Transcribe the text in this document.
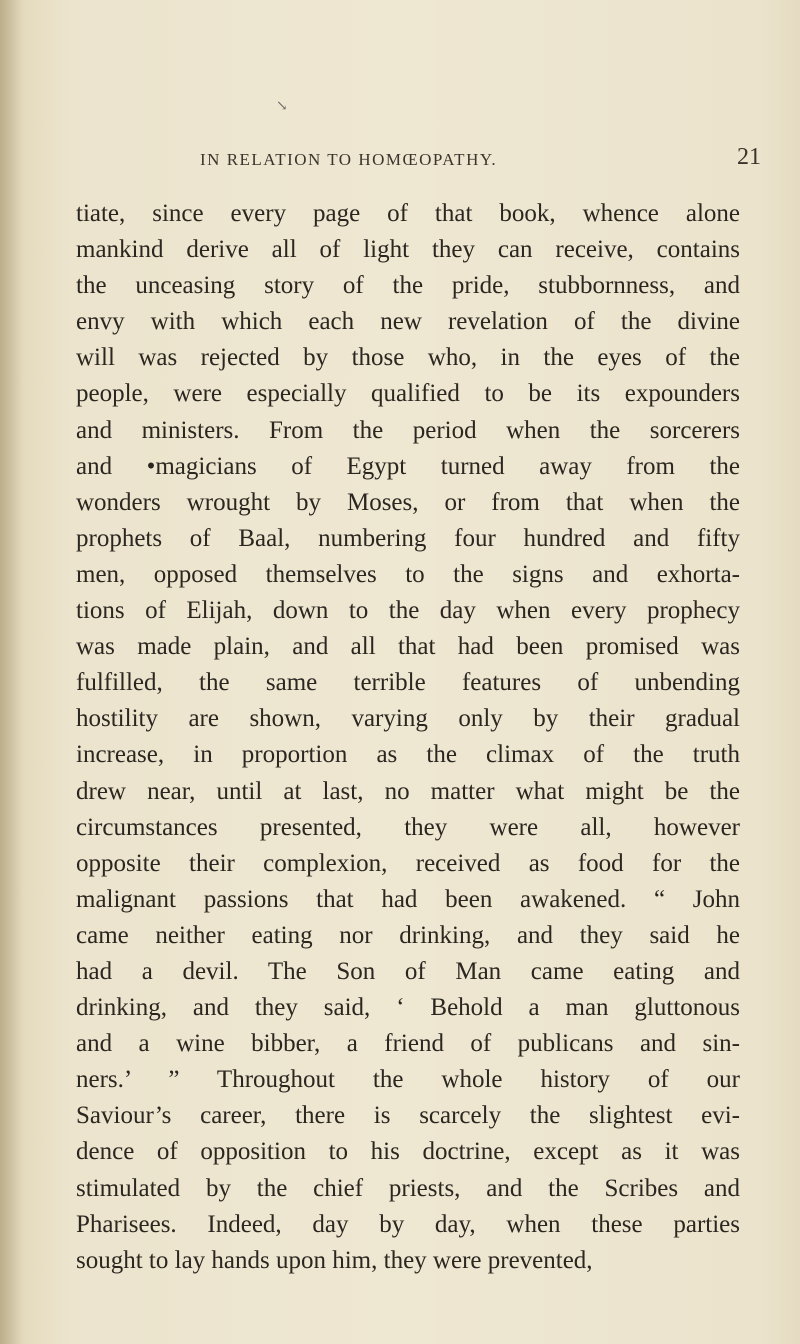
↘
IN RELATION TO HOMŒOPATHY.	21
tiate, since every page of that book, whence alone
mankind derive all of light they can receive, contains
the unceasing story of the pride, stubbornness, and
envy with which each new revelation of the divine
will was rejected by those who, in the eyes of the
people, were especially qualified to be its expounders
and ministers. From the period when the sorcerers
and •magicians of Egypt turned away from the
wonders wrought by Moses, or from that when the
prophets of Baal, numbering four hundred and fifty
men, opposed themselves to the signs and exhorta-
tions of Elijah, down to the day when every prophecy
was made plain, and all that had been promised was
fulfilled, the same terrible features of unbending
hostility are shown, varying only by their gradual
increase, in proportion as the climax of the truth
drew near, until at last, no matter what might be the
circumstances presented, they were all, however
opposite their complexion, received as food for the
malignant passions that had been awakened. “ John
came neither eating nor drinking, and they said he
had a devil. The Son of Man came eating and
drinking, and they said, ‘ Behold a man gluttonous
and a wine bibber, a friend of publicans and sin-
ners.’ ” Throughout the whole history of our
Saviour’s career, there is scarcely the slightest evi-
dence of opposition to his doctrine, except as it was
stimulated by the chief priests, and the Scribes and
Pharisees. Indeed, day by day, when these parties
sought to lay hands upon him, they were prevented,
